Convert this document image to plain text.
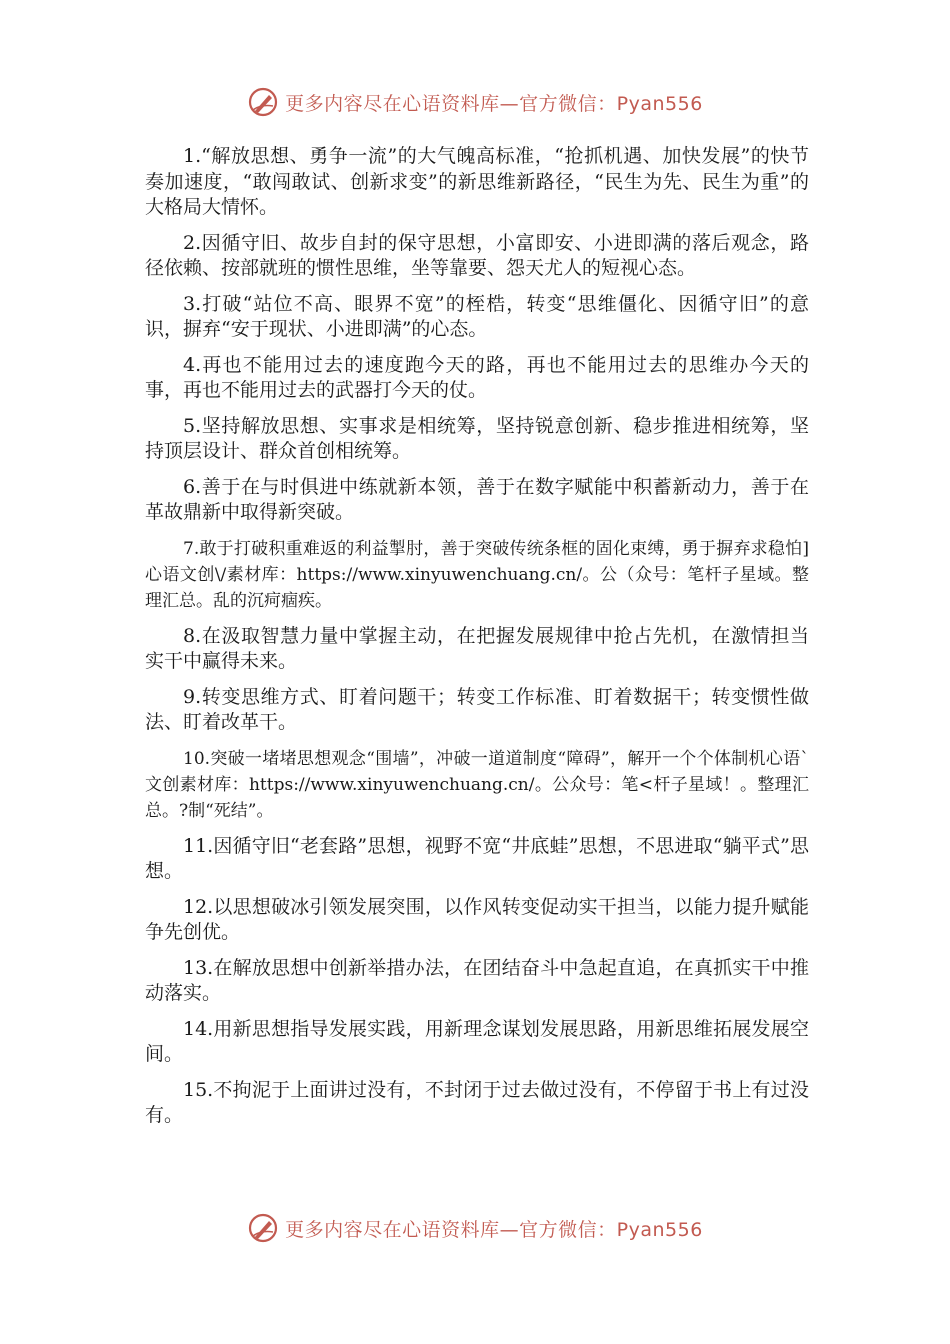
更多内容尽在心语资料库—官方微信：Pyan556

1.“解放思想、勇争一流”的大气魄高标准，“抢抓机遇、加快发展”的快节奏加速度，“敢闯敢试、创新求变”的新思维新路径，“民生为先、民生为重”的大格局大情怀。

2.因循守旧、故步自封的保守思想，小富即安、小进即满的落后观念，路径依赖、按部就班的惯性思维，坐等靠要、怨天尤人的短视心态。

3.打破“站位不高、眼界不宽”的桎梏，转变“思维僵化、因循守旧”的意识，摒弃“安于现状、小进即满”的心态。

4.再也不能用过去的速度跑今天的路，再也不能用过去的思维办今天的事，再也不能用过去的武器打今天的仗。

5.坚持解放思想、实事求是相统筹，坚持锐意创新、稳步推进相统筹，坚持顶层设计、群众首创相统筹。

6.善于在与时俱进中练就新本领，善于在数字赋能中积蓄新动力，善于在革故鼎新中取得新突破。

7.敢于打破积重难返的利益掣肘，善于突破传统条框的固化束缚，勇于摒弃求稳怕]心语文创\/素材库：https://www.xinyuwenchuang.cn/。公（众号：笔杆子星域。整理汇总。乱的沉疴痼疾。

8.在汲取智慧力量中掌握主动，在把握发展规律中抢占先机，在激情担当实干中赢得未来。

9.转变思维方式、盯着问题干；转变工作标准、盯着数据干；转变惯性做法、盯着改革干。

10.突破一堵堵思想观念“围墙”，冲破一道道制度“障碍”，解开一个个体制机心语`文创素材库：https://www.xinyuwenchuang.cn/。公众号：笔<杆子星域！。整理汇总。?制“死结”。

11.因循守旧“老套路”思想，视野不宽“井底蛙”思想，不思进取“躺平式”思想。

12.以思想破冰引领发展突围，以作风转变促动实干担当，以能力提升赋能争先创优。

13.在解放思想中创新举措办法，在团结奋斗中急起直追，在真抓实干中推动落实。

14.用新思想指导发展实践，用新理念谋划发展思路，用新思维拓展发展空间。

15.不拘泥于上面讲过没有，不封闭于过去做过没有，不停留于书上有过没有。

更多内容尽在心语资料库—官方微信：Pyan556
